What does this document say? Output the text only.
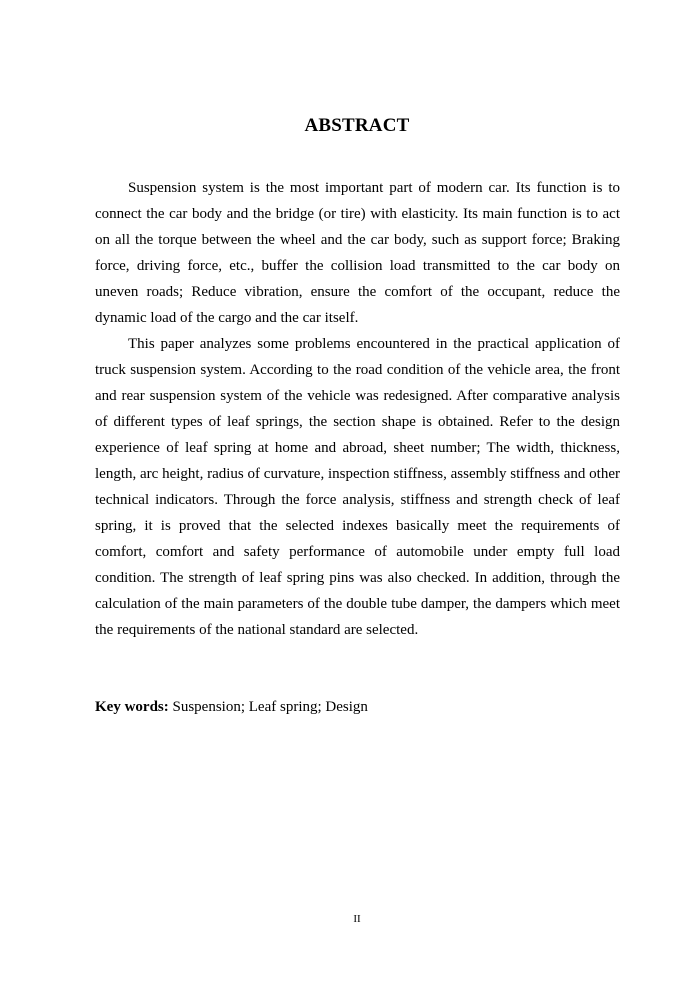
ABSTRACT

Suspension system is the most important part of modern car. Its function is to connect the car body and the bridge (or tire) with elasticity. Its main function is to act on all the torque between the wheel and the car body, such as support force; Braking force, driving force, etc., buffer the collision load transmitted to the car body on uneven roads; Reduce vibration, ensure the comfort of the occupant, reduce the dynamic load of the cargo and the car itself.

This paper analyzes some problems encountered in the practical application of truck suspension system. According to the road condition of the vehicle area, the front and rear suspension system of the vehicle was redesigned. After comparative analysis of different types of leaf springs, the section shape is obtained. Refer to the design experience of leaf spring at home and abroad, sheet number; The width, thickness, length, arc height, radius of curvature, inspection stiffness, assembly stiffness and other technical indicators. Through the force analysis, stiffness and strength check of leaf spring, it is proved that the selected indexes basically meet the requirements of comfort, comfort and safety performance of automobile under empty full load condition. The strength of leaf spring pins was also checked. In addition, through the calculation of the main parameters of the double tube damper, the dampers which meet the requirements of the national standard are selected.

Key words: Suspension; Leaf spring; Design

II
